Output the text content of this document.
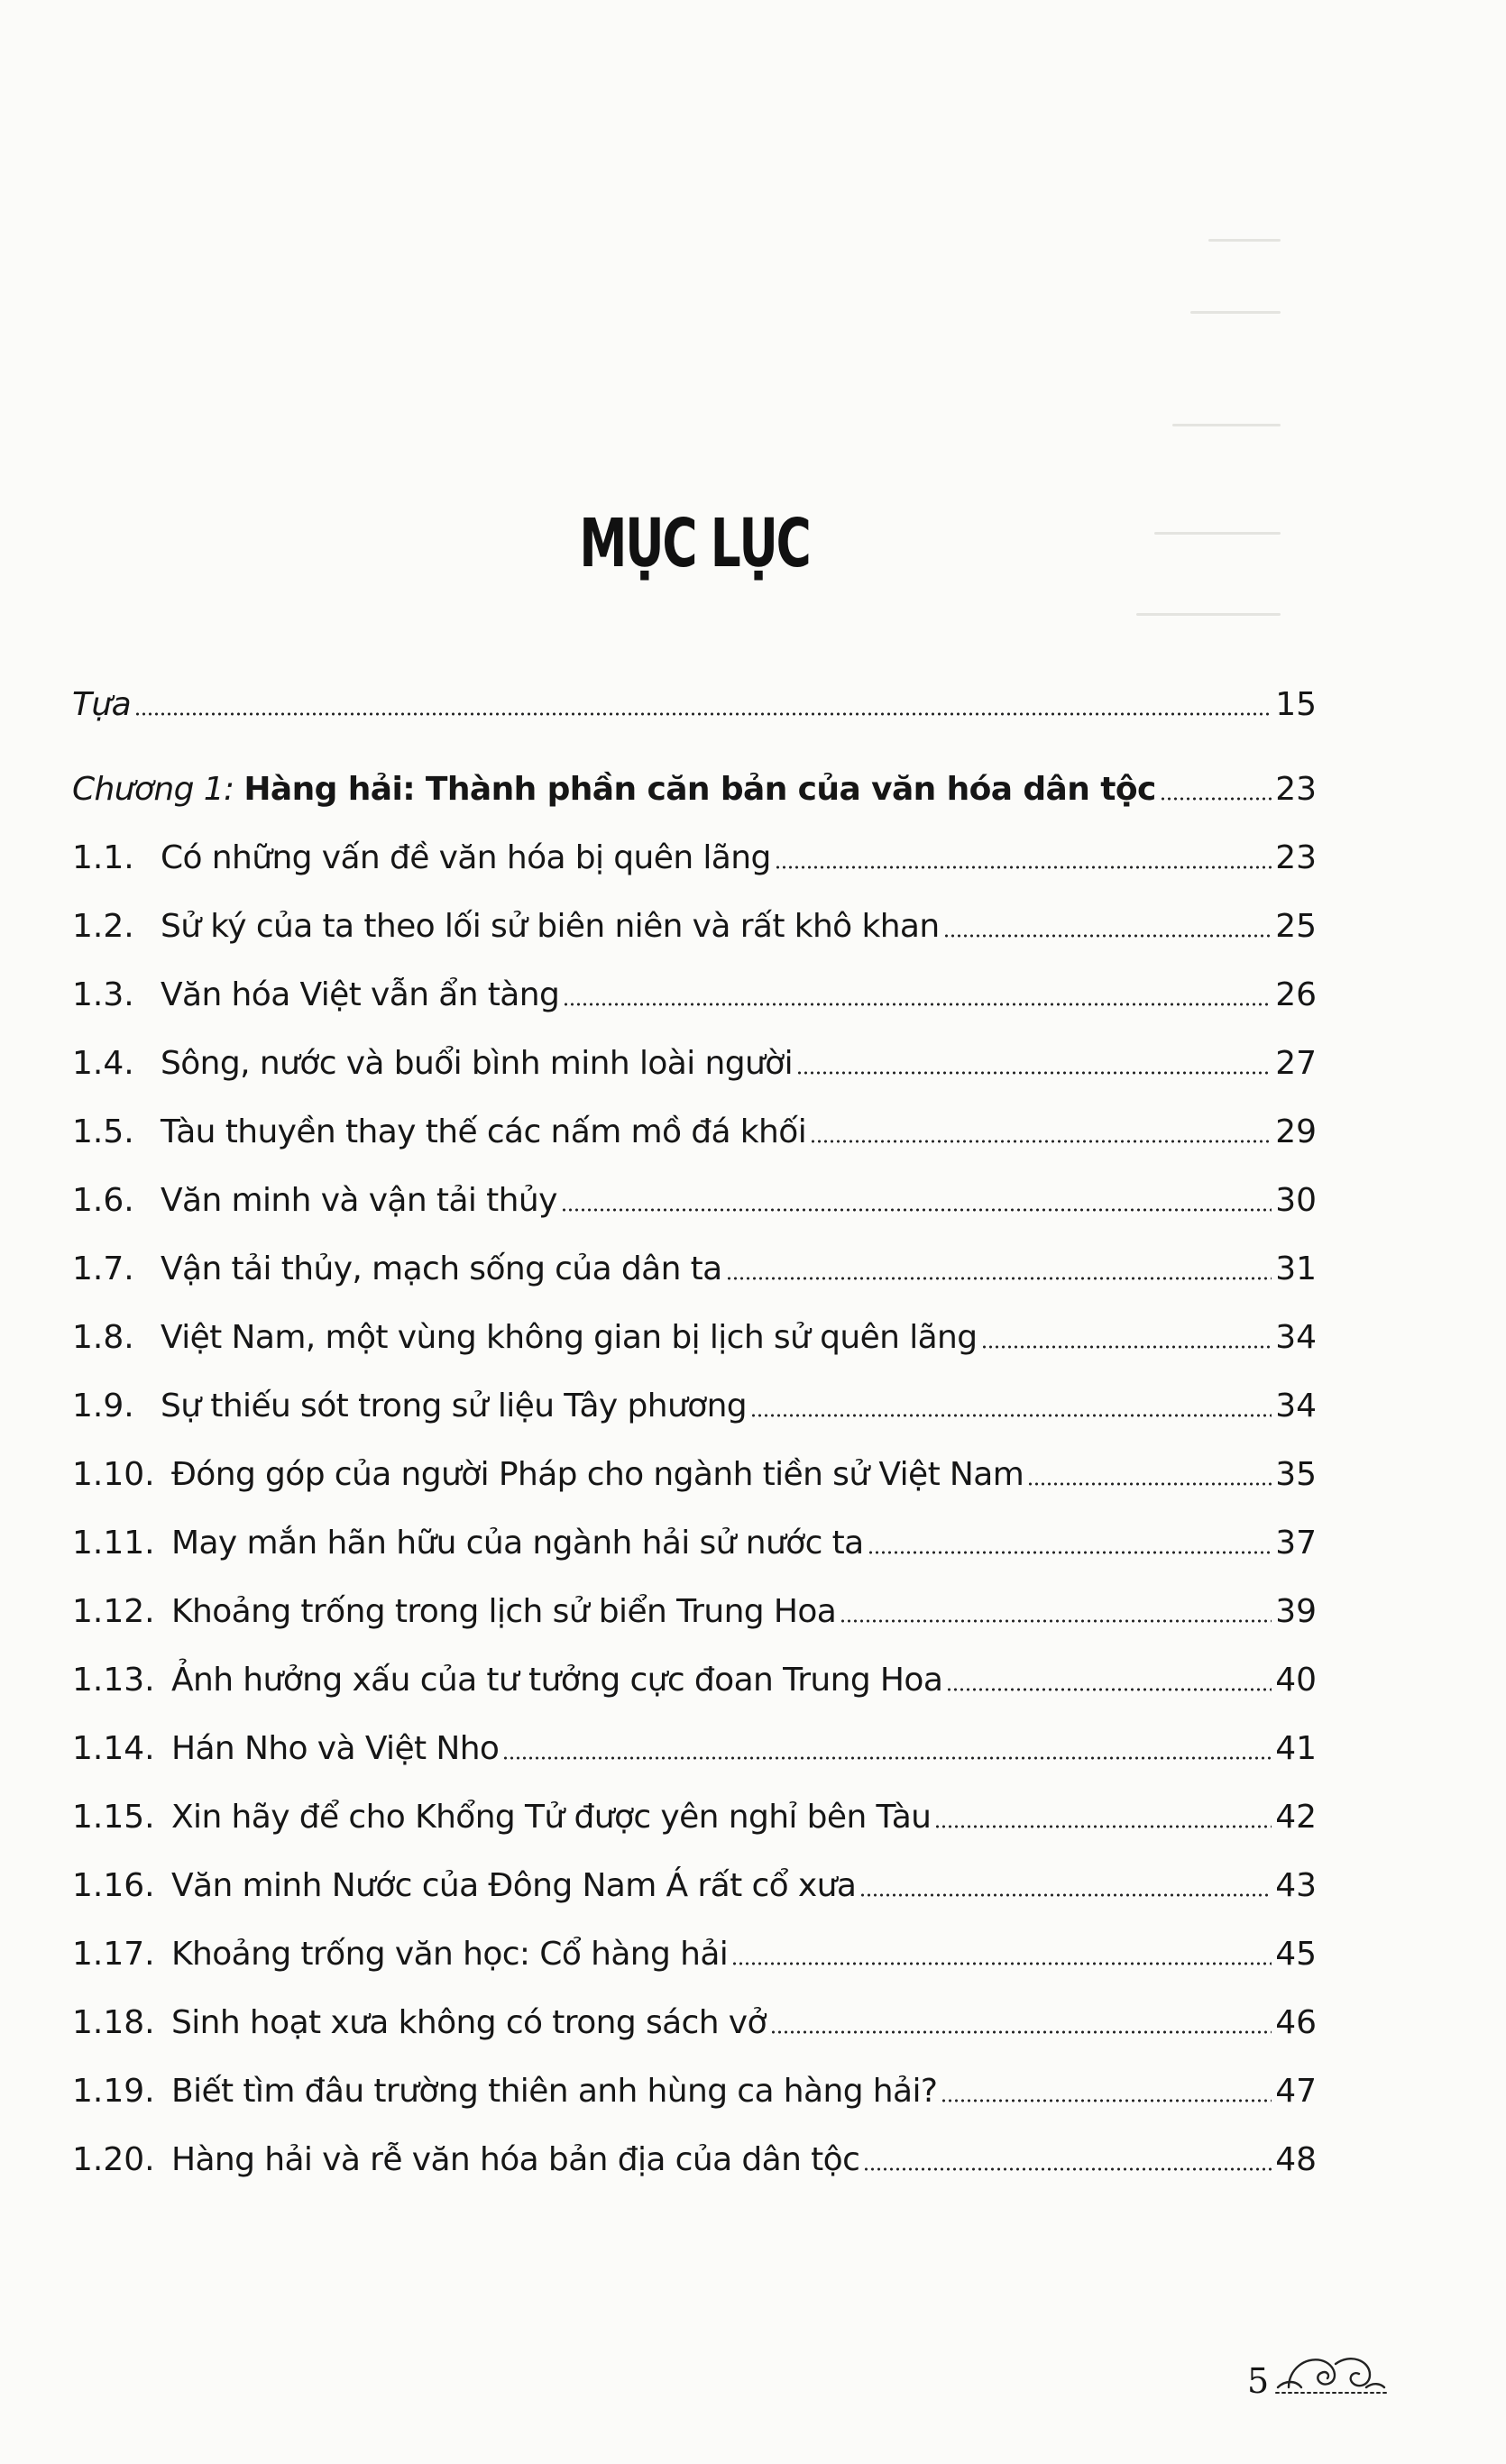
MỤC LỤC
Tựa	15
Chương 1: Hàng hải: Thành phần căn bản của văn hóa dân tộc	23
1.1. Có những vấn đề văn hóa bị quên lãng	23
1.2. Sử ký của ta theo lối sử biên niên và rất khô khan	25
1.3. Văn hóa Việt vẫn ẩn tàng	26
1.4. Sông, nước và buổi bình minh loài người	27
1.5. Tàu thuyền thay thế các nấm mồ đá khối	29
1.6. Văn minh và vận tải thủy	30
1.7. Vận tải thủy, mạch sống của dân ta	31
1.8. Việt Nam, một vùng không gian bị lịch sử quên lãng	34
1.9. Sự thiếu sót trong sử liệu Tây phương	34
1.10. Đóng góp của người Pháp cho ngành tiền sử Việt Nam	35
1.11. May mắn hãn hữu của ngành hải sử nước ta	37
1.12. Khoảng trống trong lịch sử biển Trung Hoa	39
1.13. Ảnh hưởng xấu của tư tưởng cực đoan Trung Hoa	40
1.14. Hán Nho và Việt Nho	41
1.15. Xin hãy để cho Khổng Tử được yên nghỉ bên Tàu	42
1.16. Văn minh Nước của Đông Nam Á rất cổ xưa	43
1.17. Khoảng trống văn học: Cổ hàng hải	45
1.18. Sinh hoạt xưa không có trong sách vở	46
1.19. Biết tìm đâu trường thiên anh hùng ca hàng hải?	47
1.20. Hàng hải và rễ văn hóa bản địa của dân tộc	48
5
